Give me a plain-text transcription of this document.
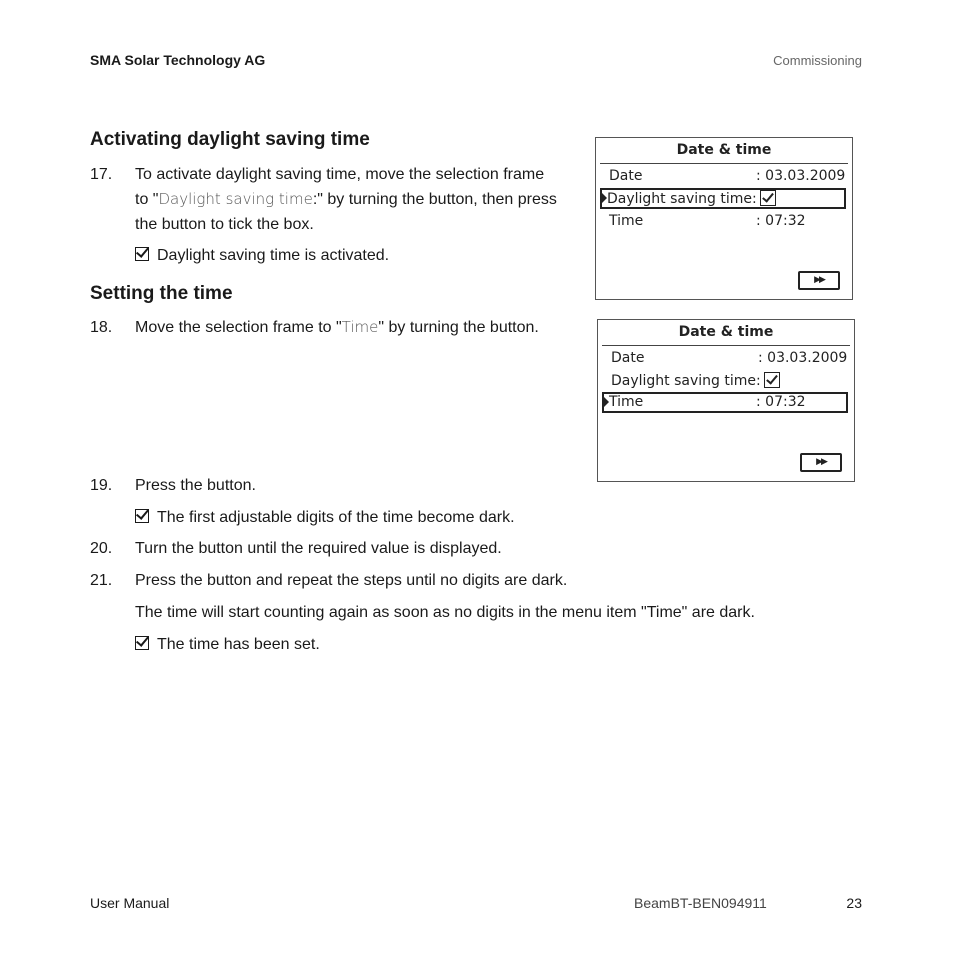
SMA Solar Technology AG	Commissioning
Activating daylight saving time
17.	To activate daylight saving time, move the selection frame
to "Daylight saving time:" by turning the button, then press
the button to tick the box.
Daylight saving time is activated.
Setting the time
18.	Move the selection frame to "Time" by turning the button.
19.	Press the button.
The first adjustable digits of the time become dark.
20.	Turn the button until the required value is displayed.
21.	Press the button and repeat the steps until no digits are dark.
The time will start counting again as soon as no digits in the menu item "Time" are dark.
The time has been set.
Date & time
Date	: 03.03.2009
Daylight saving time:
Time	: 07:32
▶▶
Date & time
Date	: 03.03.2009
Daylight saving time:
Time	: 07:32
▶▶
User Manual	BeamBT-BEN094911	23
